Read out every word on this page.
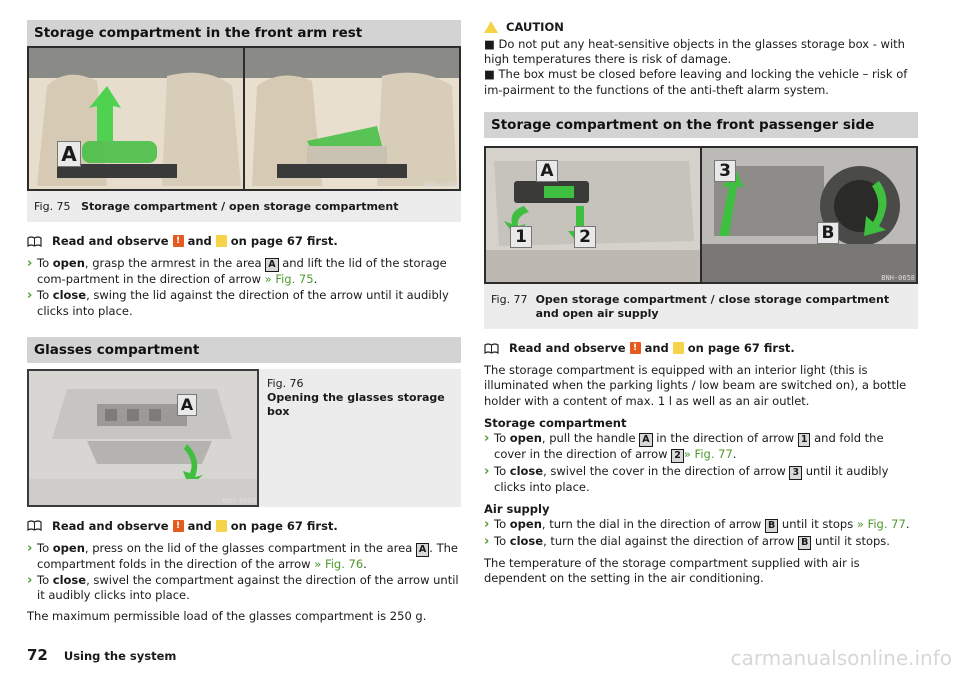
Storage compartment in the front arm rest
A
BNH-0369
Fig. 75 Storage compartment / open storage compartment
Read and observe ! and on page 67 first.
› To open, grasp the armrest in the area A and lift the lid of the storage com-partment in the direction of arrow » Fig. 75.
› To close, swing the lid against the direction of the arrow until it audibly clicks into place.
Glasses compartment
A
BNH-0603
Fig. 76
Opening the glasses storage box
Read and observe ! and on page 67 first.
› To open, press on the lid of the glasses compartment in the area A . The compartment folds in the direction of the arrow » Fig. 76.
› To close, swivel the compartment against the direction of the arrow until it audibly clicks into place.
The maximum permissible load of the glasses compartment is 250 g.
CAUTION
■ Do not put any heat-sensitive objects in the glasses storage box - with high temperatures there is risk of damage.
■ The box must be closed before leaving and locking the vehicle – risk of im-pairment to the functions of the anti-theft alarm system.
Storage compartment on the front passenger side
A
1	2
3
B
BNH-0658
Fig. 77 Open storage compartment / close storage compartment and open air supply
Read and observe ! and on page 67 first.
The storage compartment is equipped with an interior light (this is illuminated when the parking lights / low beam are switched on), a bottle holder with a content of max. 1 l as well as an air outlet.
Storage compartment
› To open, pull the handle A in the direction of arrow 1 and fold the cover in the direction of arrow 2 » Fig. 77.
› To close, swivel the cover in the direction of arrow 3 until it audibly clicks into place.
Air supply
› To open, turn the dial in the direction of arrow B until it stops » Fig. 77.
› To close, turn the dial against the direction of arrow B until it stops.
The temperature of the storage compartment supplied with air is dependent on the setting in the air conditioning.
72 Using the system	carmanualsonline.info
